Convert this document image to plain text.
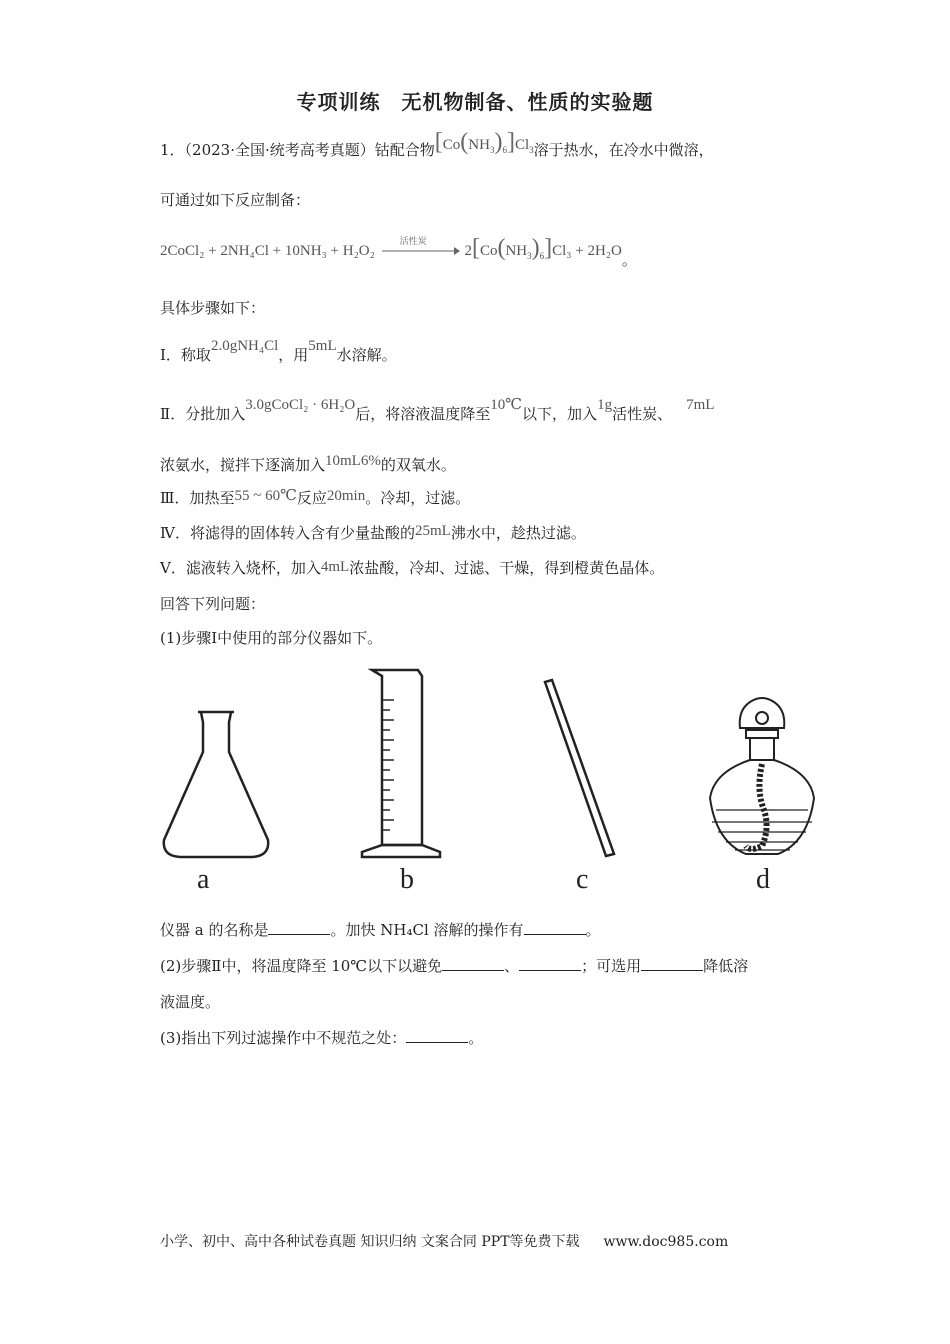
专项训练　无机物制备、性质的实验题
1．（2023·全国·统考高考真题）钴配合物$[Co(NH_3)_6]Cl_3$溶于热水，在冷水中微溶，
可通过如下反应制备：
2CoCl₂ + 2NH₄Cl + 10NH₃ + H₂O₂
活性炭
$2[Co(NH_3)_6]Cl_3 + 2H_2O$。
具体步骤如下：
Ⅰ．称取2.0gNH₄Cl，用5mL水溶解。
Ⅱ．分批加入3.0gCoCl₂ · 6H₂O后，将溶液温度降至10℃以下，加入1g活性炭、 7mL
浓氨水，搅拌下逐滴加入10mL6%的双氧水。
Ⅲ．加热至55 ~ 60℃反应20min。冷却，过滤。
Ⅳ．将滤得的固体转入含有少量盐酸的25mL沸水中，趁热过滤。
Ⅴ．滤液转入烧杯，加入4mL浓盐酸，冷却、过滤、干燥，得到橙黄色晶体。
回答下列问题：
(1)步骤Ⅰ中使用的部分仪器如下。
a	b	c	d
仪器 a 的名称是	。加快 NH₄Cl 溶解的操作有	。
(2)步骤Ⅱ中，将温度降至 10℃以下以避免	、	；可选用	降低溶
液温度。
(3)指出下列过滤操作中不规范之处：	。
小学、初中、高中各种试卷真题 知识归纳 文案合同 PPT等免费下载 www.doc985.com
